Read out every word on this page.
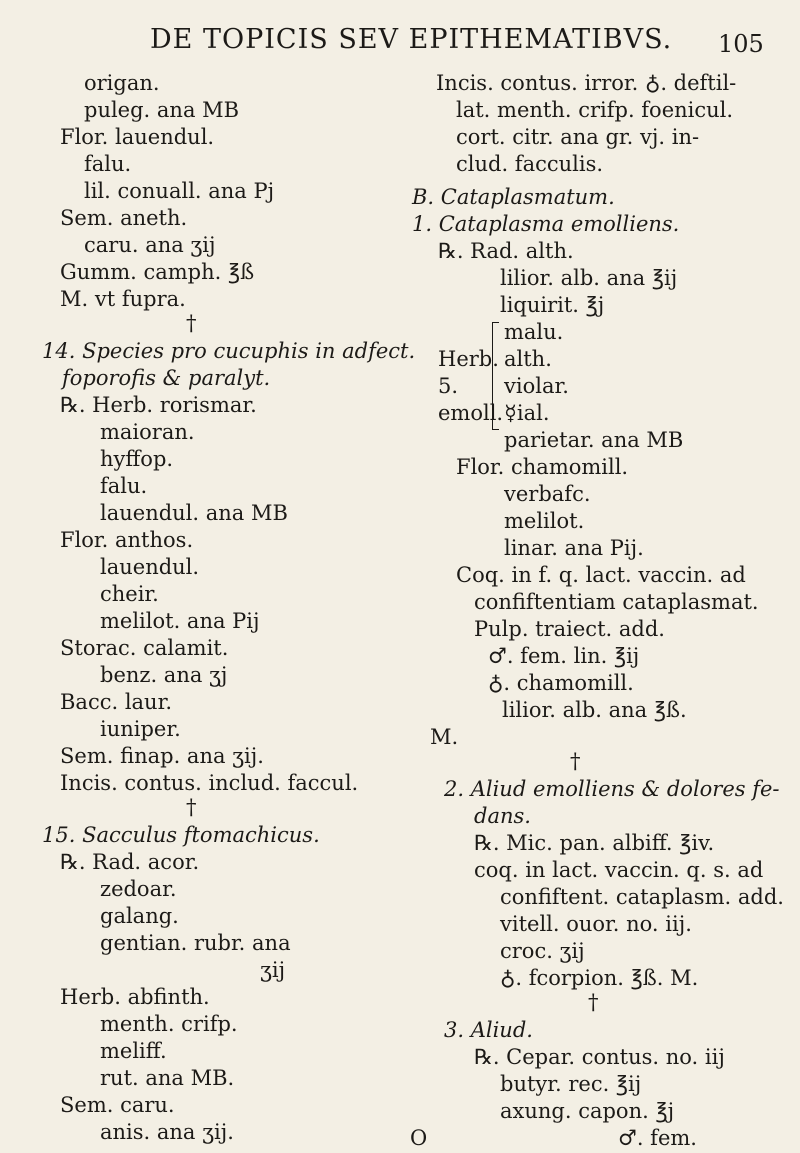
DE TOPICIS SEV EPITHEMATIBVS. 105
origan.
puleg. ana MB
Flor. lauendul.
falu.
lil. conuall. ana Pj
Sem. aneth.
caru. ana ʒij
Gumm. camph. ℥ß
M. vt fupra.
†
14. Species pro cucuphis in adfect.
foporofis & paralyt.
℞. Herb. rorismar.
maioran.
hyffop.
falu.
lauendul. ana MB
Flor. anthos.
lauendul.
cheir.
melilot. ana Pij
Storac. calamit.
benz. ana ʒj
Bacc. laur.
iuniper.
Sem. finap. ana ʒij.
Incis. contus. includ. faccul.
†
15. Sacculus ftomachicus.
℞. Rad. acor.
zedoar.
galang.
gentian. rubr. ana
ʒij
Herb. abfinth.
menth. crifp.
meliff.
rut. ana MB.
Sem. caru.
anis. ana ʒij.
Incis. contus. irror. ♁. deftil-
lat. menth. crifp. foenicul.
cort. citr. ana gr. vj. in-
clud. facculis.
B. Cataplasmatum.
1. Cataplasma emolliens.
℞. Rad. alth.
lilior. alb. ana ℥ij
liquirit. ℥j
malu.
Herb. alth.
5. violar.
emoll. ☿ial.
parietar. ana MB
Flor. chamomill.
verbafc.
melilot.
linar. ana Pij.
Coq. in f. q. lact. vaccin. ad
confiftentiam cataplasmat.
Pulp. traiect. add.
♂. fem. lin. ℥ij
♁. chamomill.
lilior. alb. ana ℥ß.
M.
†
2. Aliud emolliens & dolores fe-
dans.
℞. Mic. pan. albiff. ℥iv.
coq. in lact. vaccin. q. s. ad
confiftent. cataplasm. add.
vitell. ouor. no. iij.
croc. ʒij
♁. fcorpion. ℥ß. M.
†
3. Aliud.
℞. Cepar. contus. no. iij
butyr. rec. ℥ij
axung. capon. ℥j
O	♂. fem.
